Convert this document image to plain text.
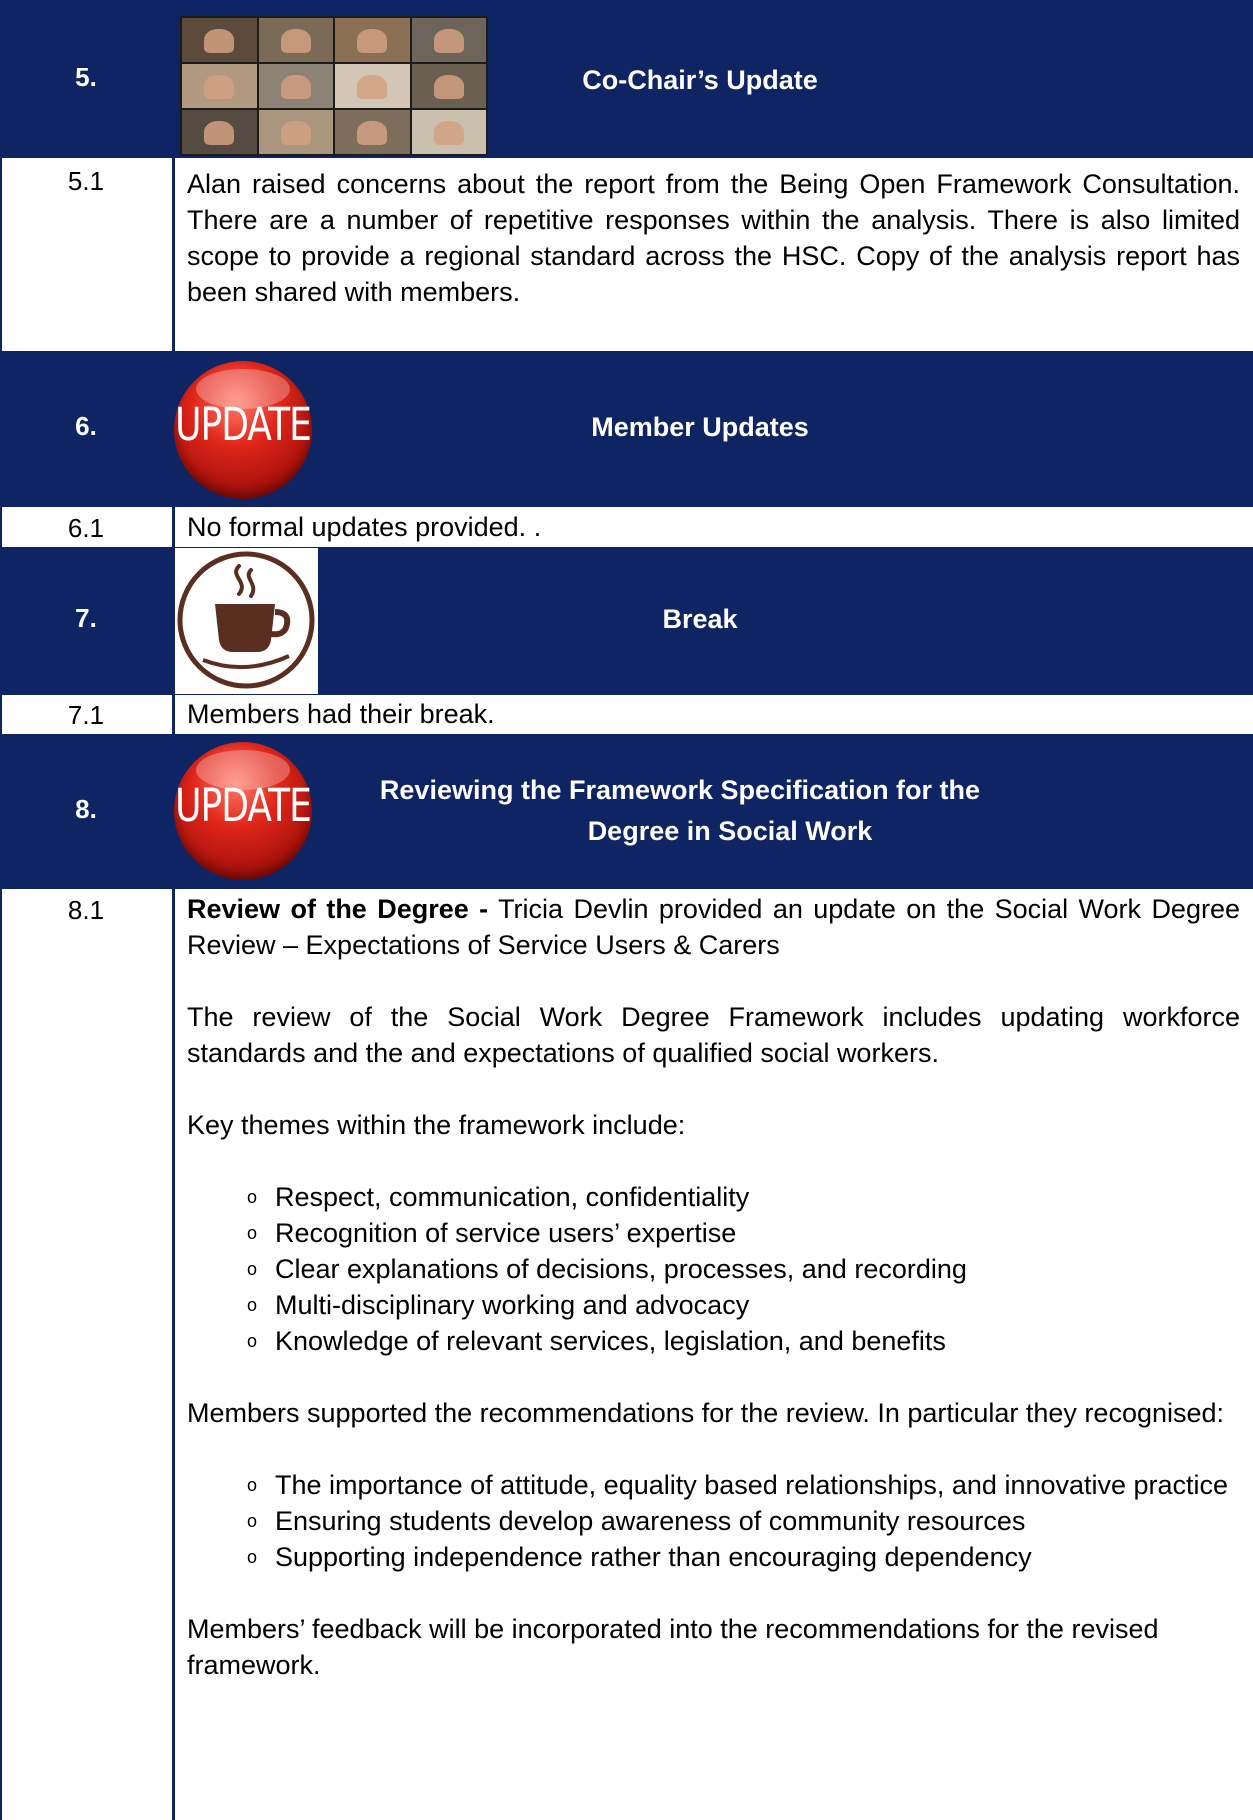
5.	Co-Chair’s Update
5.1	Alan raised concerns about the report from the Being Open Framework Consultation. There are a number of repetitive responses within the analysis. There is also limited scope to provide a regional standard across the HSC. Copy of the analysis report has been shared with members.

6.	UPDATE	Member Updates
6.1	No formal updates provided. .

7.	Break
7.1	Members had their break.

8.	UPDATE	Reviewing the Framework Specification for the
Degree in Social Work
8.1	Review of the Degree - Tricia Devlin provided an update on the Social Work Degree Review – Expectations of Service Users & Carers

The review of the Social Work Degree Framework includes updating workforce standards and the and expectations of qualified social workers.

Key themes within the framework include:

o Respect, communication, confidentiality
o Recognition of service users’ expertise
o Clear explanations of decisions, processes, and recording
o Multi-disciplinary working and advocacy
o Knowledge of relevant services, legislation, and benefits

Members supported the recommendations for the review. In particular they recognised:

o The importance of attitude, equality based relationships, and innovative practice
o Ensuring students develop awareness of community resources
o Supporting independence rather than encouraging dependency

Members’ feedback will be incorporated into the recommendations for the revised framework.
